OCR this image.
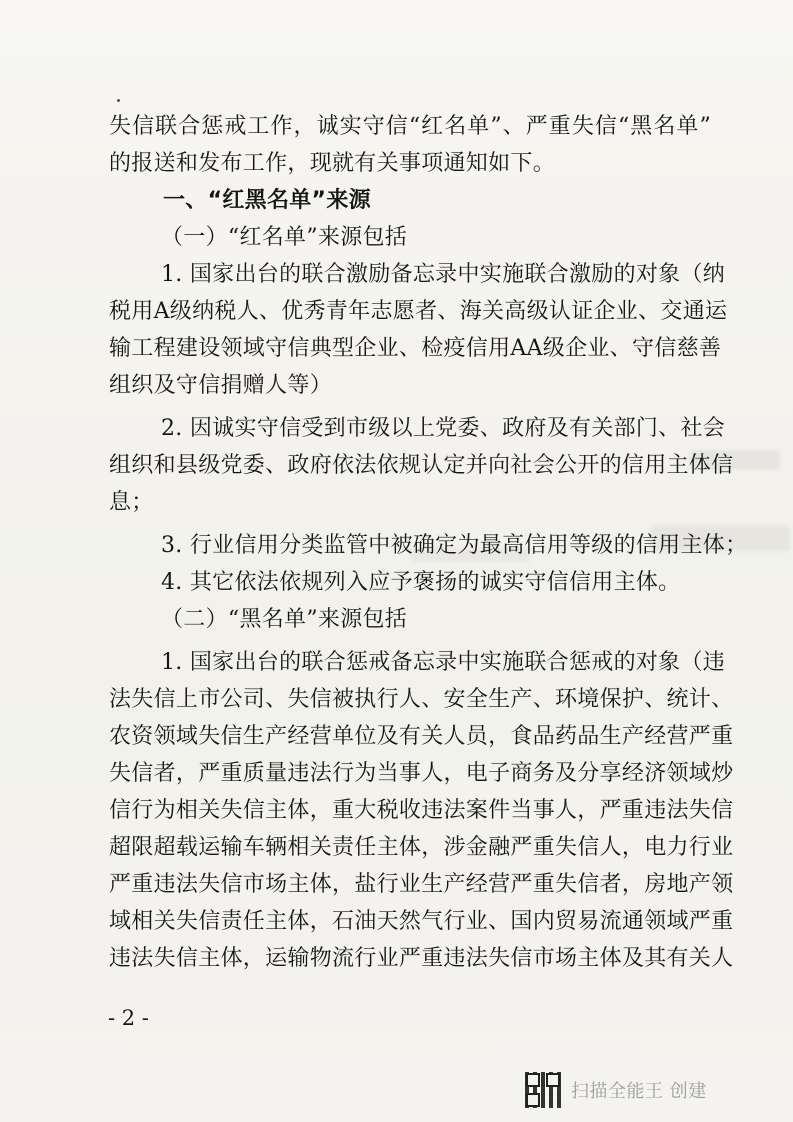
失信联合惩戒工作，诚实守信“红名单”、严重失信“黑名单”
的报送和发布工作，现就有关事项通知如下。
一、“红黑名单”来源
（一）“红名单”来源包括
1. 国家出台的联合激励备忘录中实施联合激励的对象（纳
税用A级纳税人、优秀青年志愿者、海关高级认证企业、交通运
输工程建设领域守信典型企业、检疫信用AA级企业、守信慈善
组织及守信捐赠人等）
2. 因诚实守信受到市级以上党委、政府及有关部门、社会
组织和县级党委、政府依法依规认定并向社会公开的信用主体信
息；
3. 行业信用分类监管中被确定为最高信用等级的信用主体；
4. 其它依法依规列入应予褒扬的诚实守信信用主体。
（二）“黑名单”来源包括
1. 国家出台的联合惩戒备忘录中实施联合惩戒的对象（违
法失信上市公司、失信被执行人、安全生产、环境保护、统计、
农资领域失信生产经营单位及有关人员，食品药品生产经营严重
失信者，严重质量违法行为当事人，电子商务及分享经济领域炒
信行为相关失信主体，重大税收违法案件当事人，严重违法失信
超限超载运输车辆相关责任主体，涉金融严重失信人，电力行业
严重违法失信市场主体，盐行业生产经营严重失信者，房地产领
域相关失信责任主体，石油天然气行业、国内贸易流通领域严重
违法失信主体，运输物流行业严重违法失信市场主体及其有关人
- 2 -
扫描全能王 创建
